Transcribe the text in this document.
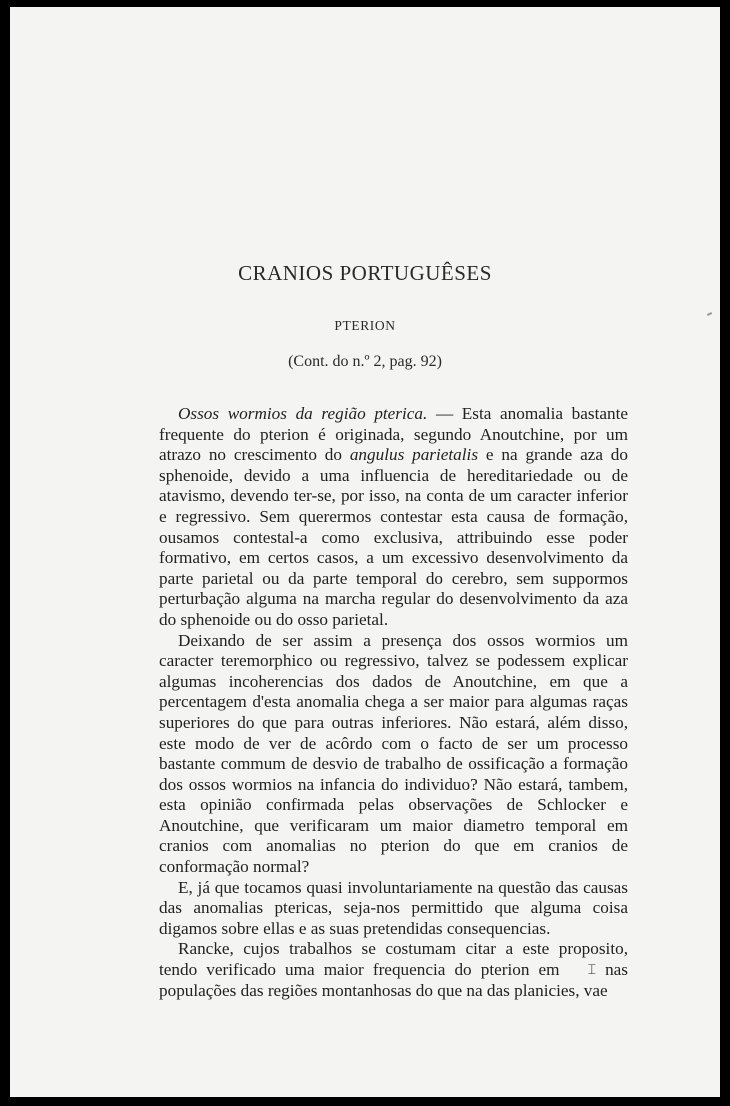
CRANIOS PORTUGUÊSES
PTERION
(Cont. do n.º 2, pag. 92)

Ossos wormios da região pterica. — Esta anomalia bastante frequente do pterion é originada, segundo Anoutchine, por um atrazo no crescimento do angulus parietalis e na grande aza do sphenoide, devido a uma influencia de hereditariedade ou de atavismo, devendo ter-se, por isso, na conta de um caracter inferior e regressivo. Sem querermos contestar esta causa de formação, ousamos contestal-a como exclusiva, attribuindo esse poder formativo, em certos casos, a um excessivo desenvolvimento da parte parietal ou da parte temporal do cerebro, sem suppormos perturbação alguma na marcha regular do desenvolvimento da aza do sphenoide ou do osso parietal.

Deixando de ser assim a presença dos ossos wormios um caracter teremorphico ou regressivo, talvez se podessem explicar algumas incoherencias dos dados de Anoutchine, em que a percentagem d'esta anomalia chega a ser maior para algumas raças superiores do que para outras inferiores. Não estará, além disso, este modo de ver de acôrdo com o facto de ser um processo bastante commum de desvio de trabalho de ossificação a formação dos ossos wormios na infancia do individuo? Não estará, tambem, esta opinião confirmada pelas observações de Schlocker e Anoutchine, que verificaram um maior diametro temporal em cranios com anomalias no pterion do que em cranios de conformação normal?

E, já que tocamos quasi involuntariamente na questão das causas das anomalias ptericas, seja-nos permittido que alguma coisa digamos sobre ellas e as suas pretendidas consequencias.

Rancke, cujos trabalhos se costumam citar a este proposito, tendo verificado uma maior frequencia do pterion em ⌶ nas populações das regiões montanhosas do que na das planicies, vae
